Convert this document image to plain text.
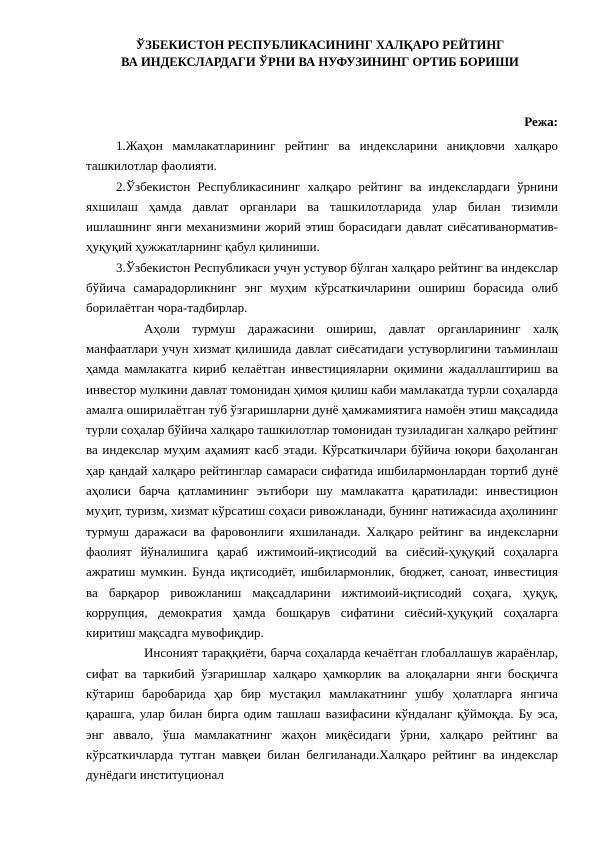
ЎЗБЕКИСТОН РЕСПУБЛИКАСИНИНГ ХАЛҚАРО РЕЙТИНГ
ВА ИНДЕКСЛАРДАГИ ЎРНИ ВА НУФУЗИНИНГ ОРТИБ БОРИШИ

Режа:

1.Жаҳон мамлакатларининг рейтинг ва индексларини аниқловчи халқаро ташкилотлар фаолияти.

2.Ўзбекистон Республикасининг халқаро рейтинг ва индекслардаги ўрнини яхшилаш ҳамда давлат органлари ва ташкилотларида улар билан тизимли ишлашнинг янги механизмини жорий этиш борасидаги давлат сиёсативанорматив-ҳуқуқий ҳужжатларнинг қабул қилиниши.

3.Ўзбекистон Республикаси учун устувор бўлган халқаро рейтинг ва индекслар бўйича самарадорликнинг энг муҳим кўрсаткичларини ошириш борасида олиб борилаётган чора-тадбирлар.

Аҳоли турмуш даражасини ошириш, давлат органларининг халқ манфаатлари учун хизмат қилишида давлат сиёсатидаги устуворлигини таъминлаш ҳамда мамлакатга кириб келаётган инвестицияларни оқимини жадаллаштириш ва инвестор мулкини давлат томонидан ҳимоя қилиш каби мамлакатда турли соҳаларда амалга оширилаётган туб ўзгаришларни дунё ҳамжамиятига намоён этиш мақсадида турли соҳалар бўйича халқаро ташкилотлар томонидан тузиладиган халқаро рейтинг ва индекслар муҳим аҳамият касб этади. Кўрсаткичлари бўйича юқори баҳоланган ҳар қандай халқаро рейтинглар самараси сифатида ишбилармонлардан тортиб дунё аҳолиси барча қатламининг эътибори шу мамлакатга қаратилади: инвестицион муҳит, туризм, хизмат кўрсатиш соҳаси ривожланади, бунинг натижасида аҳолининг турмуш даражаси ва фаровонлиги яхшиланади. Халқаро рейтинг ва индексларни фаолият йўналишига қараб ижтимоий-иқтисодий ва сиёсий-ҳуқуқий соҳаларга ажратиш мумкин. Бунда иқтисодиёт, ишбилармонлик, бюджет, саноат, инвестиция ва барқарор ривожланиш мақсадларини ижтимоий-иқтисодий соҳага, ҳуқуқ, коррупция, демократия ҳамда бошқарув сифатини сиёсий-ҳуқуқий соҳаларга киритиш мақсадга мувофиқдир.

Инсоният тараққиёти, барча соҳаларда кечаётган глобаллашув жараёнлар, сифат ва таркибий ўзгаришлар халқаро ҳамкорлик ва алоқаларни янги босқичга кўтариш баробарида ҳар бир мустақил мамлакатнинг ушбу ҳолатларга янгича қарашга, улар билан бирга одим ташлаш вазифасини кўндаланг қўймоқда. Бу эса, энг аввало, ўша мамлакатнинг жаҳон миқёсидаги ўрни, халқаро рейтинг ва кўрсаткичларда тутган мавқеи билан белгиланади.Халқаро рейтинг ва индекслар дунёдаги институционал
